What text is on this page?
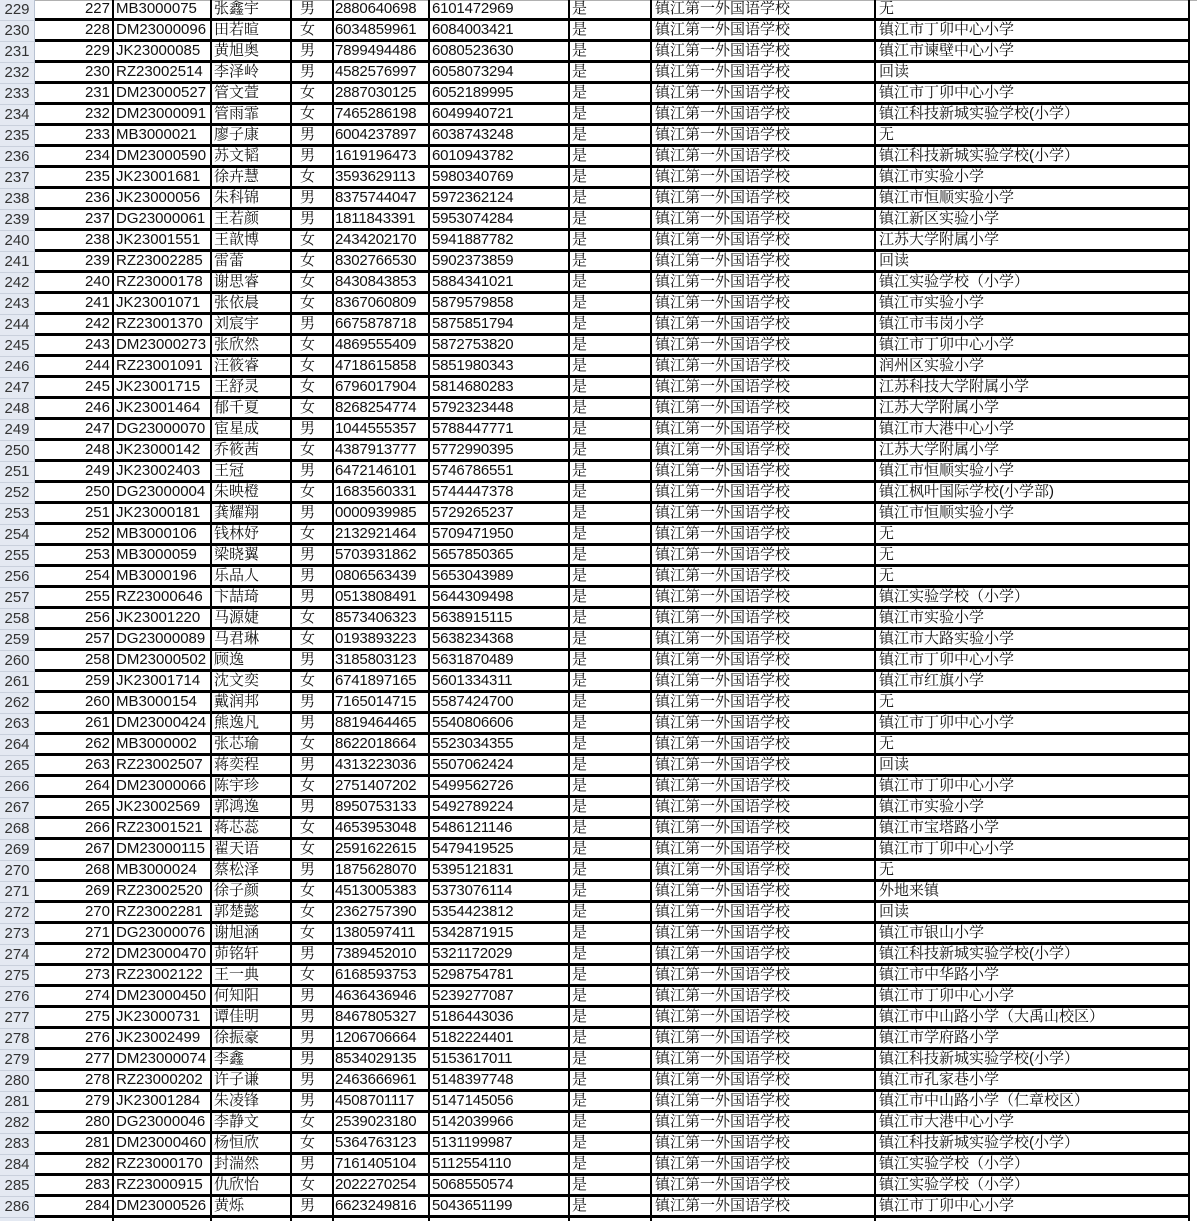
229	227 MB3000075	张鑫宇	男	2880640698	6101472969	是	镇江第一外国语学校	无
230	228 DM23000096 田若暄	女	6034859961	6084003421	是	镇江第一外国语学校	镇江市丁卯中心小学
231	229 JK23000085 黄旭奥	男	7899494486	6080523630	是	镇江第一外国语学校	镇江市谏壁中心小学
232	230 RZ23002514 李泽岭	男	4582576997	6058073294	是	镇江第一外国语学校	回读
233	231 DM23000527 管文萱	女	2887030125	6052189995	是	镇江第一外国语学校	镇江市丁卯中心小学
234	232 DM23000091 管雨霏	女	7465286198	6049940721	是	镇江第一外国语学校	镇江科技新城实验学校(小学）
235	233 MB3000021	廖子康	男	6004237897	6038743248	是	镇江第一外国语学校	无
236	234 DM23000590 苏文韬	男	1619196473	6010943782	是	镇江第一外国语学校	镇江科技新城实验学校(小学）
237	235 JK23001681 徐卉慧	女	3593629113	5980340769	是	镇江第一外国语学校	镇江市实验小学
238	236 JK23000056 朱科锦	男	8375744047	5972362124	是	镇江第一外国语学校	镇江市恒顺实验小学
239	237 DG23000061 王若颜	男	1811843391	5953074284	是	镇江第一外国语学校	镇江新区实验小学
240	238 JK23001551 王歆博	女	2434202170	5941887782	是	镇江第一外国语学校	江苏大学附属小学
241	239 RZ23002285 雷蕾	女	8302766530	5902373859	是	镇江第一外国语学校	回读
242	240 RZ23000178 谢思睿	女	8430843853	5884341021	是	镇江第一外国语学校	镇江实验学校（小学）
243	241 JK23001071 张依晨	女	8367060809	5879579858	是	镇江第一外国语学校	镇江市实验小学
244	242 RZ23001370 刘宸宇	男	6675878718	5875851794	是	镇江第一外国语学校	镇江市韦岗小学
245	243 DM23000273 张欣然	女	4869555409	5872753820	是	镇江第一外国语学校	镇江市丁卯中心小学
246	244 RZ23001091 汪筱睿	女	4718615858	5851980343	是	镇江第一外国语学校	润州区实验小学
247	245 JK23001715 王舒灵	女	6796017904	5814680283	是	镇江第一外国语学校	江苏科技大学附属小学
248	246 JK23001464 郁千夏	女	8268254774	5792323448	是	镇江第一外国语学校	江苏大学附属小学
249	247 DG23000070 宦星成	男	1044555357	5788447771	是	镇江第一外国语学校	镇江市大港中心小学
250	248 JK23000142 乔筱茜	女	4387913777	5772990395	是	镇江第一外国语学校	江苏大学附属小学
251	249 JK23002403 王冠	男	6472146101	5746786551	是	镇江第一外国语学校	镇江市恒顺实验小学
252	250 DG23000004 朱映橙	女	1683560331	5744447378	是	镇江第一外国语学校	镇江枫叶国际学校(小学部)
253	251 JK23000181 龚耀翔	男	0000939985	5729265237	是	镇江第一外国语学校	镇江市恒顺实验小学
254	252 MB3000106	钱林妤	女	2132921464	5709471950	是	镇江第一外国语学校	无
255	253 MB3000059	梁晓翼	男	5703931862	5657850365	是	镇江第一外国语学校	无
256	254 MB3000196	乐品人	男	0806563439	5653043989	是	镇江第一外国语学校	无
257	255 RZ23000646 卞喆琦	男	0513808491	5644309498	是	镇江第一外国语学校	镇江实验学校（小学）
258	256 JK23001220 马源婕	女	8573406323	5638915115	是	镇江第一外国语学校	镇江市实验小学
259	257 DG23000089 马君琳	女	0193893223	5638234368	是	镇江第一外国语学校	镇江市大路实验小学
260	258 DM23000502 顾逸	男	3185803123	5631870489	是	镇江第一外国语学校	镇江市丁卯中心小学
261	259 JK23001714 沈文奕	女	6741897165	5601334311	是	镇江第一外国语学校	镇江市红旗小学
262	260 MB3000154	戴润邦	男	7165014715	5587424700	是	镇江第一外国语学校	无
263	261 DM23000424 熊逸凡	男	8819464465	5540806606	是	镇江第一外国语学校	镇江市丁卯中心小学
264	262 MB3000002	张芯瑜	女	8622018664	5523034355	是	镇江第一外国语学校	无
265	263 RZ23002507 蒋奕程	男	4313223036	5507062424	是	镇江第一外国语学校	回读
266	264 DM23000066 陈宇珍	女	2751407202	5499562726	是	镇江第一外国语学校	镇江市丁卯中心小学
267	265 JK23002569 郭鸿逸	男	8950753133	5492789224	是	镇江第一外国语学校	镇江市实验小学
268	266 RZ23001521 蒋芯蕊	女	4653953048	5486121146	是	镇江第一外国语学校	镇江市宝塔路小学
269	267 DM23000115 翟天语	女	2591622615	5479419525	是	镇江第一外国语学校	镇江市丁卯中心小学
270	268 MB3000024	蔡松泽	男	1875628070	5395121831	是	镇江第一外国语学校	无
271	269 RZ23002520 徐子颜	女	4513005383	5373076114	是	镇江第一外国语学校	外地来镇
272	270 RZ23002281 郭楚懿	女	2362757390	5354423812	是	镇江第一外国语学校	回读
273	271 DG23000076 谢旭涵	女	1380597411	5342871915	是	镇江第一外国语学校	镇江市银山小学
274	272 DM23000470 茆铭轩	男	7389452010	5321172029	是	镇江第一外国语学校	镇江科技新城实验学校(小学）
275	273 RZ23002122 王一典	女	6168593753	5298754781	是	镇江第一外国语学校	镇江市中华路小学
276	274 DM23000450 何知阳	男	4636436946	5239277087	是	镇江第一外国语学校	镇江市丁卯中心小学
277	275 JK23000731 谭佳明	男	8467805327	5186443036	是	镇江第一外国语学校	镇江市中山路小学（大禹山校区）
278	276 JK23002499 徐振豪	男	1206706664	5182224401	是	镇江第一外国语学校	镇江市学府路小学
279	277 DM23000074 李鑫	男	8534029135	5153617011	是	镇江第一外国语学校	镇江科技新城实验学校(小学）
280	278 RZ23000202 许子谦	男	2463666961	5148397748	是	镇江第一外国语学校	镇江市孔家巷小学
281	279 JK23001284 朱凌锋	男	4508701117	5147145056	是	镇江第一外国语学校	镇江市中山路小学（仁章校区）
282	280 DG23000046 李静文	女	2539023180	5142039966	是	镇江第一外国语学校	镇江市大港中心小学
283	281 DM23000460 杨恒欣	女	5364763123	5131199987	是	镇江第一外国语学校	镇江科技新城实验学校(小学）
284	282 RZ23000170 封湍然	男	7161405104	5112554110	是	镇江第一外国语学校	镇江实验学校（小学）
285	283 RZ23000915 仇欣怡	女	2022270254	5068550574	是	镇江第一外国语学校	镇江实验学校（小学）
286	284 DM23000526 黄烁	男	6623249816	5043651199	是	镇江第一外国语学校	镇江市丁卯中心小学
